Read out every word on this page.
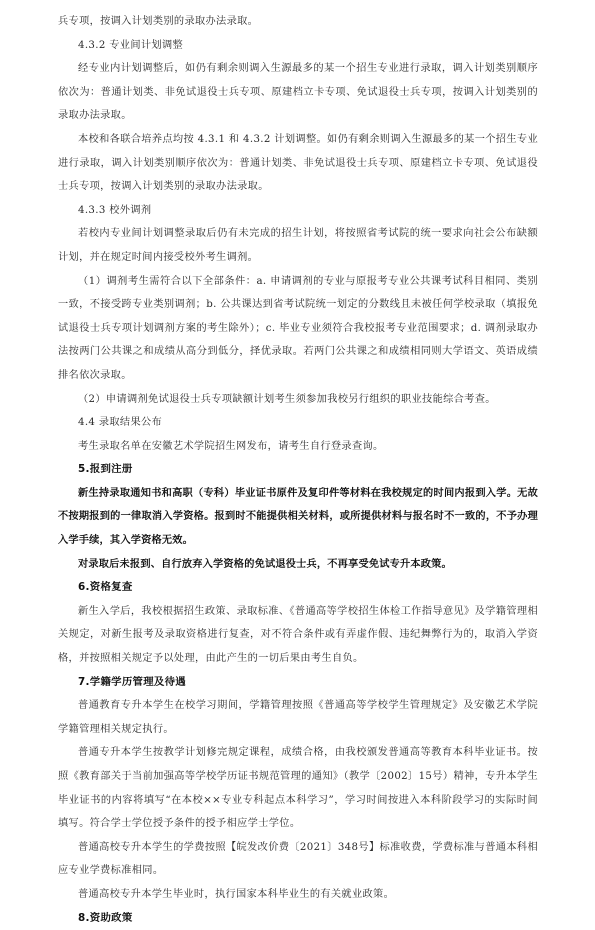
兵专项，按调入计划类别的录取办法录取。

4.3.2 专业间计划调整

经专业内计划调整后，如仍有剩余则调入生源最多的某一个招生专业进行录取，调入计划类别顺序依次为：普通计划类、非免试退役士兵专项、原建档立卡专项、免试退役士兵专项，按调入计划类别的录取办法录取。

本校和各联合培养点均按 4.3.1 和 4.3.2 计划调整。如仍有剩余则调入生源最多的某一个招生专业进行录取，调入计划类别顺序依次为：普通计划类、非免试退役士兵专项、原建档立卡专项、免试退役士兵专项，按调入计划类别的录取办法录取。

4.3.3 校外调剂

若校内专业间计划调整录取后仍有未完成的招生计划，将按照省考试院的统一要求向社会公布缺额计划，并在规定时间内接受校外考生调剂。

（1）调剂考生需符合以下全部条件：a. 申请调剂的专业与原报考专业公共课考试科目相同、类别一致，不接受跨专业类别调剂；b. 公共课达到省考试院统一划定的分数线且未被任何学校录取（填报免试退役士兵专项计划调剂方案的考生除外）；c. 毕业专业须符合我校报考专业范围要求；d. 调剂录取办法按两门公共课之和成绩从高分到低分，择优录取。若两门公共课之和成绩相同则大学语文、英语成绩排名依次录取。

（2）申请调剂免试退役士兵专项缺额计划考生须参加我校另行组织的职业技能综合考查。

4.4 录取结果公布

考生录取名单在安徽艺术学院招生网发布，请考生自行登录查询。

5.报到注册

新生持录取通知书和高职（专科）毕业证书原件及复印件等材料在我校规定的时间内报到入学。无故不按期报到的一律取消入学资格。报到时不能提供相关材料，或所提供材料与报名时不一致的，不予办理入学手续，其入学资格无效。

对录取后未报到、自行放弃入学资格的免试退役士兵，不再享受免试专升本政策。

6.资格复查

新生入学后，我校根据招生政策、录取标准、《普通高等学校招生体检工作指导意见》及学籍管理相关规定，对新生报考及录取资格进行复查，对不符合条件或有弄虚作假、违纪舞弊行为的，取消入学资格，并按照相关规定予以处理，由此产生的一切后果由考生自负。

7.学籍学历管理及待遇

普通教育专升本学生在校学习期间，学籍管理按照《普通高等学校学生管理规定》及安徽艺术学院学籍管理相关规定执行。

普通专升本学生按教学计划修完规定课程，成绩合格，由我校颁发普通高等教育本科毕业证书。按照《教育部关于当前加强高等学校学历证书规范管理的通知》（教学〔2002〕15号）精神，专升本学生毕业证书的内容将填写“在本校××专业专科起点本科学习”，学习时间按进入本科阶段学习的实际时间填写。符合学士学位授予条件的授予相应学士学位。

普通高校专升本学生的学费按照【皖发改价费〔2021〕348号】标准收费，学费标准与普通本科相应专业学费标准相同。

普通高校专升本学生毕业时，执行国家本科毕业生的有关就业政策。

8.资助政策
